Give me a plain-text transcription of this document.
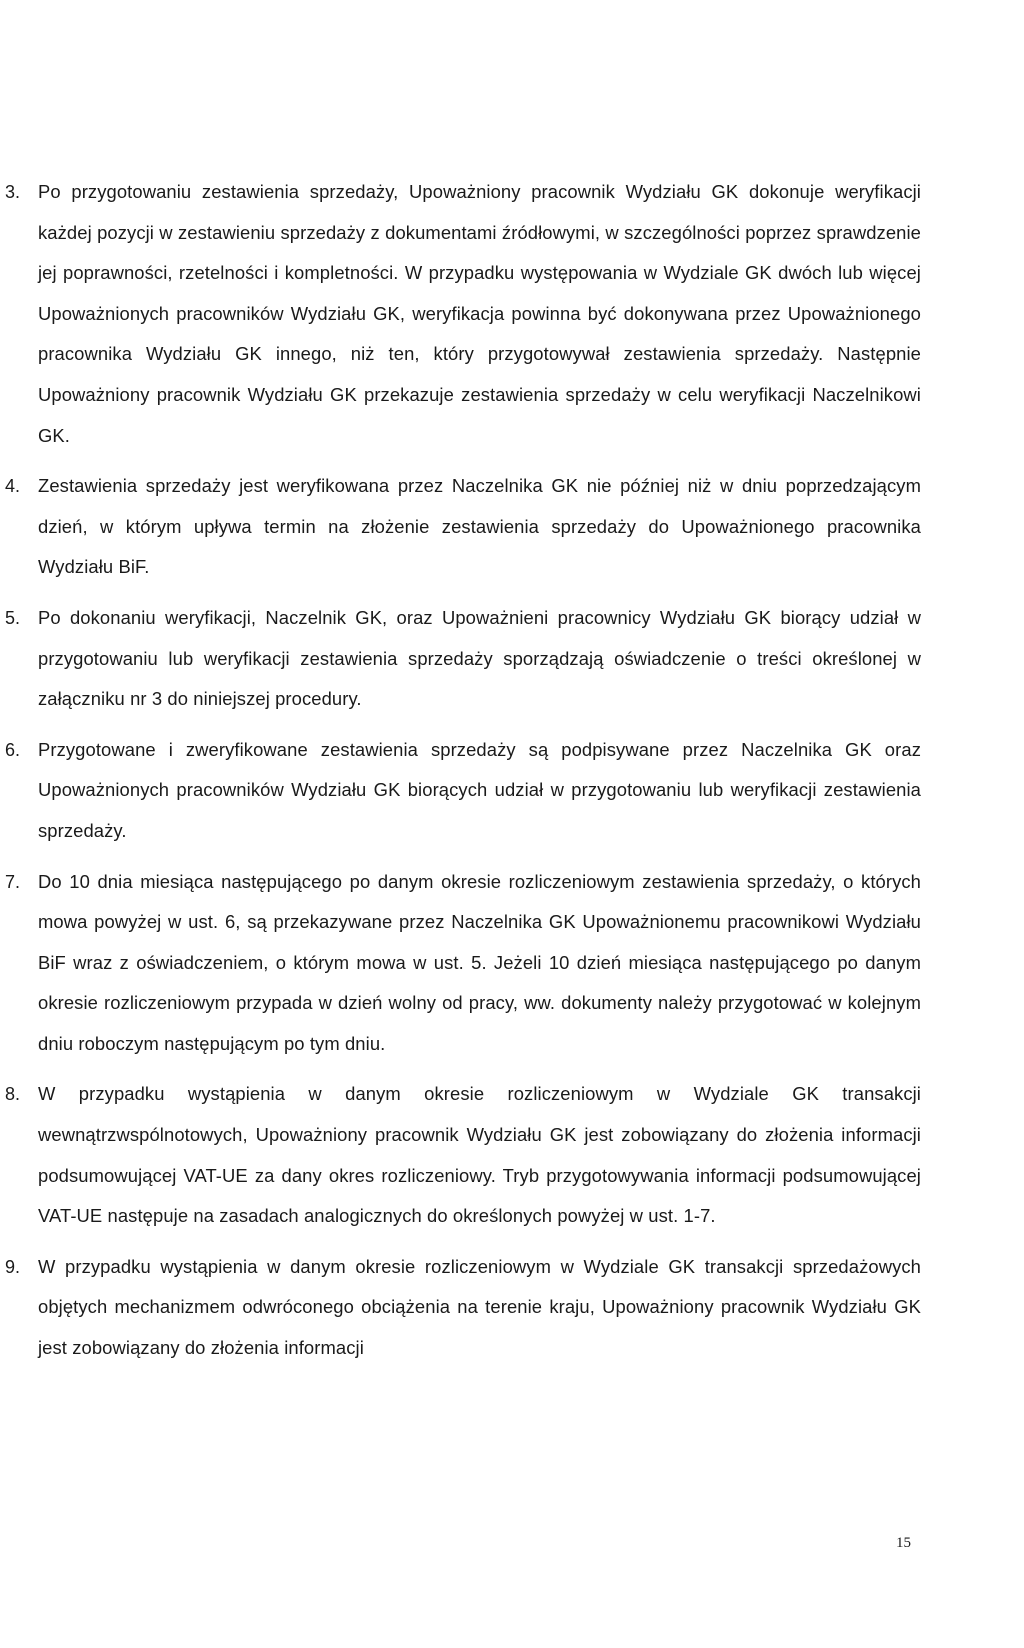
3. Po przygotowaniu zestawienia sprzedaży, Upoważniony pracownik Wydziału GK dokonuje weryfikacji każdej pozycji w zestawieniu sprzedaży z dokumentami źródłowymi, w szczególności poprzez sprawdzenie jej poprawności, rzetelności i kompletności. W przypadku występowania w Wydziale GK dwóch lub więcej Upoważnionych pracowników Wydziału GK, weryfikacja powinna być dokonywana przez Upoważnionego pracownika Wydziału GK innego, niż ten, który przygotowywał zestawienia sprzedaży. Następnie Upoważniony pracownik Wydziału GK przekazuje zestawienia sprzedaży w celu weryfikacji Naczelnikowi GK.

4. Zestawienia sprzedaży jest weryfikowana przez Naczelnika GK nie później niż w dniu poprzedzającym dzień, w którym upływa termin na złożenie zestawienia sprzedaży do Upoważnionego pracownika Wydziału BiF.

5. Po dokonaniu weryfikacji, Naczelnik GK, oraz Upoważnieni pracownicy Wydziału GK biorący udział w przygotowaniu lub weryfikacji zestawienia sprzedaży sporządzają oświadczenie o treści określonej w załączniku nr 3 do niniejszej procedury.

6. Przygotowane i zweryfikowane zestawienia sprzedaży są podpisywane przez Naczelnika GK oraz Upoważnionych pracowników Wydziału GK biorących udział w przygotowaniu lub weryfikacji zestawienia sprzedaży.

7. Do 10 dnia miesiąca następującego po danym okresie rozliczeniowym zestawienia sprzedaży, o których mowa powyżej w ust. 6, są przekazywane przez Naczelnika GK Upoważnionemu pracownikowi Wydziału BiF wraz z oświadczeniem, o którym mowa w ust. 5. Jeżeli 10 dzień miesiąca następującego po danym okresie rozliczeniowym przypada w dzień wolny od pracy, ww. dokumenty należy przygotować w kolejnym dniu roboczym następującym po tym dniu.

8. W przypadku wystąpienia w danym okresie rozliczeniowym w Wydziale GK transakcji wewnątrzwspólnotowych, Upoważniony pracownik Wydziału GK jest zobowiązany do złożenia informacji podsumowującej VAT-UE za dany okres rozliczeniowy. Tryb przygotowywania informacji podsumowującej VAT-UE następuje na zasadach analogicznych do określonych powyżej w ust. 1-7.

9. W przypadku wystąpienia w danym okresie rozliczeniowym w Wydziale GK transakcji sprzedażowych objętych mechanizmem odwróconego obciążenia na terenie kraju, Upoważniony pracownik Wydziału GK jest zobowiązany do złożenia informacji

15
